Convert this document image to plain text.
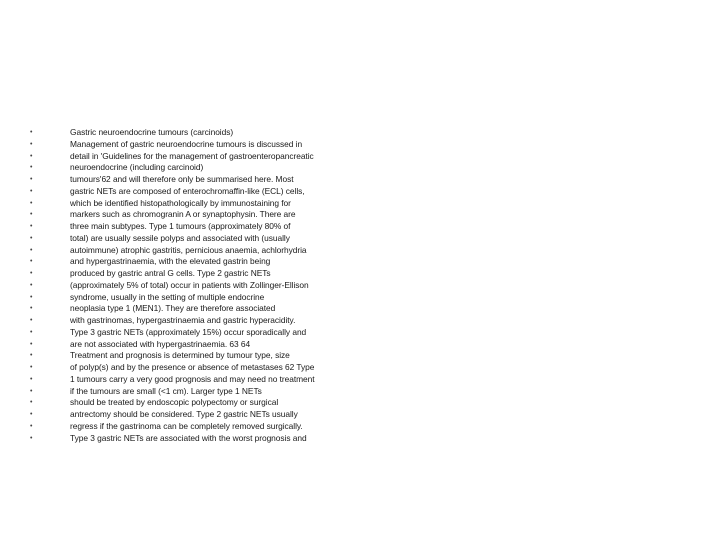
•	Gastric neuroendocrine tumours (carcinoids)
•	Management of gastric neuroendocrine tumours is discussed in
•	detail in 'Guidelines for the management of gastroenteropancreatic
•	neuroendocrine (including carcinoid)
•	tumours'62 and will therefore only be summarised here. Most
•	gastric NETs are composed of enterochromaffin-like (ECL) cells,
•	which be identified histopathologically by immunostaining for
•	markers such as chromogranin A or synaptophysin. There are
•	three main subtypes. Type 1 tumours (approximately 80% of
•	total) are usually sessile polyps and associated with (usually
•	autoimmune) atrophic gastritis, pernicious anaemia, achlorhydria
•	and hypergastrinaemia, with the elevated gastrin being
•	produced by gastric antral G cells. Type 2 gastric NETs
•	(approximately 5% of total) occur in patients with Zollinger-Ellison
•	syndrome, usually in the setting of multiple endocrine
•	neoplasia type 1 (MEN1). They are therefore associated
•	with gastrinomas, hypergastrinaemia and gastric hyperacidity.
•	Type 3 gastric NETs (approximately 15%) occur sporadically and
•	are not associated with hypergastrinaemia. 63 64
•	Treatment and prognosis is determined by tumour type, size
•	of polyp(s) and by the presence or absence of metastases 62 Type
•	1 tumours carry a very good prognosis and may need no treatment
•	if the tumours are small (<1 cm). Larger type 1 NETs
•	should be treated by endoscopic polypectomy or surgical
•	antrectomy should be considered. Type 2 gastric NETs usually
•	regress if the gastrinoma can be completely removed surgically.
•	Type 3 gastric NETs are associated with the worst prognosis and
